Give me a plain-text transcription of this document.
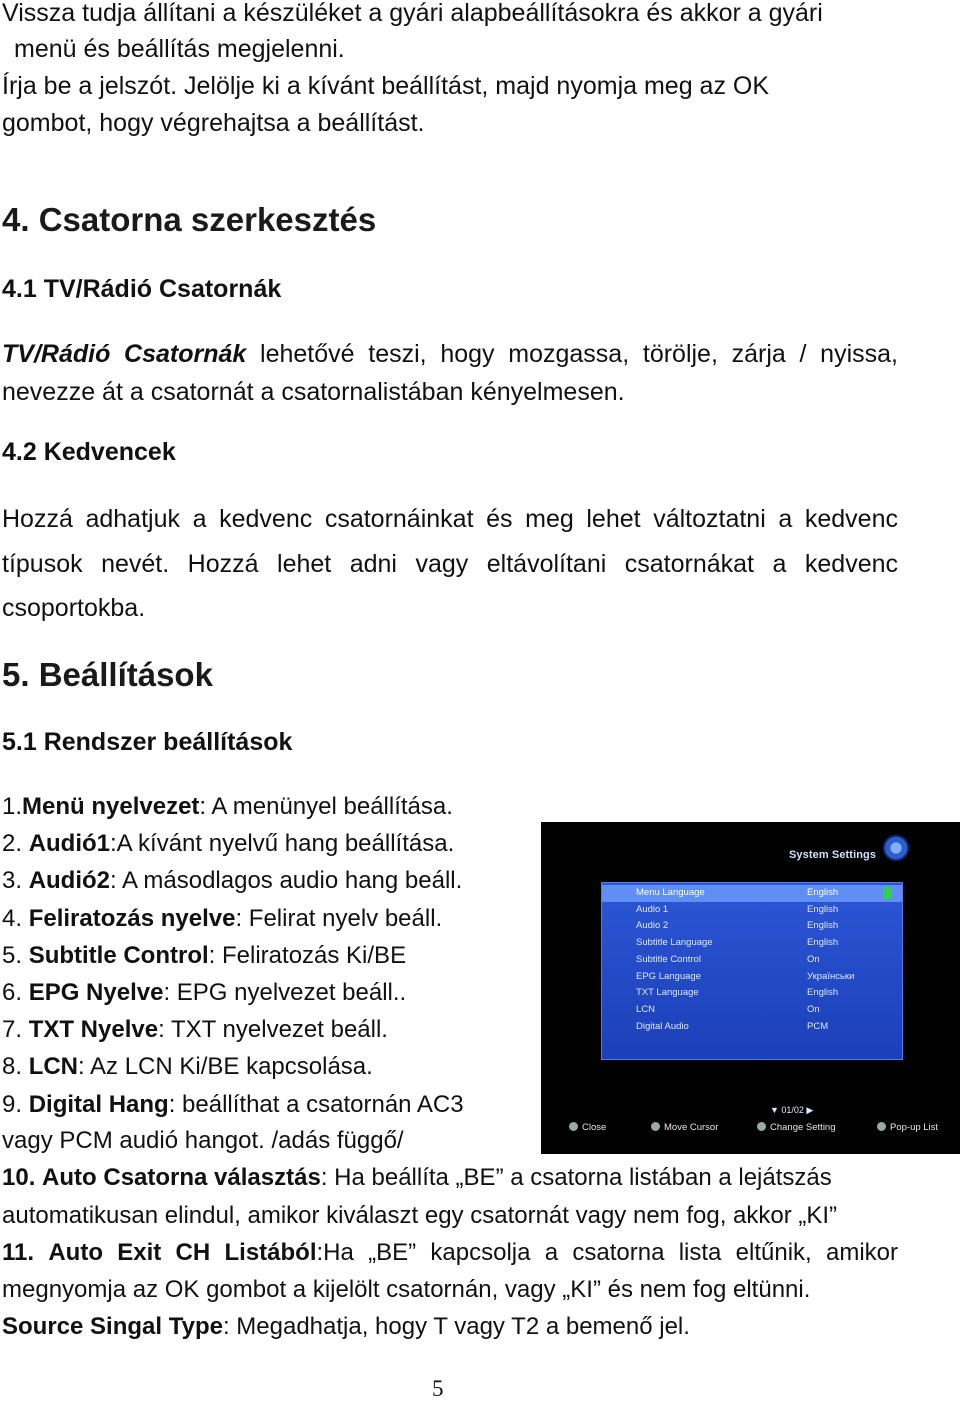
Vissza tudja állítani a készüléket a gyári alapbeállításokra és akkor a gyári

menü és beállítás megjelenni.

Írja be a jelszót. Jelölje ki a kívánt beállítást, majd nyomja meg az OK

gombot, hogy végrehajtsa a beállítást.

4. Csatorna szerkesztés
4.1 TV/Rádió Csatornák

TV/Rádió Csatornák lehetővé teszi, hogy mozgassa, törölje, zárja / nyissa,

nevezze át a csatornát a csatornalistában kényelmesen.

4.2 Kedvencek

Hozzá adhatjuk a kedvenc csatornáinkat és meg lehet változtatni a kedvenc

típusok nevét. Hozzá lehet adni vagy eltávolítani csatornákat a kedvenc

csoportokba.

5. Beállítások
5.1 Rendszer beállítások
1.Menü nyelvezet: A menünyel beállítása.
2. Audió1:A kívánt nyelvű hang beállítása.
3. Audió2: A másodlagos audio hang beáll.
4. Feliratozás nyelve: Felirat nyelv beáll.
5. Subtitle Control: Feliratozás Ki/BE
6. EPG Nyelve: EPG nyelvezet beáll..
7. TXT Nyelve: TXT nyelvezet beáll.
8. LCN: Az LCN Ki/BE kapcsolása.
9. Digital Hang: beállíthat a csatornán AC3
vagy PCM audió hangot. /adás függő/
10. Auto Csatorna választás: Ha beállíta „BE” a csatorna listában a lejátszás
automatikusan elindul, amikor kiválaszt egy csatornát vagy nem fog, akkor „KI”
11. Auto Exit CH Listából:Ha „BE” kapcsolja a csatorna lista eltűnik, amikor
megnyomja az OK gombot a kijelölt csatornán, vagy „KI” és nem fog eltünni.
Source Singal Type: Megadhatja, hogy T vagy T2 a bemenő jel.
System Settings
Menu Language	English
Audio 1	English
Audio 2	English
Subtitle Language	English
Subtitle Control	On
EPG Language	Українськи
TXT Language	English
LCN	On
Digital Audio	PCM
▼ 01/02 ▶
Close	Move Cursor	Change Setting	Pop-up List
5
